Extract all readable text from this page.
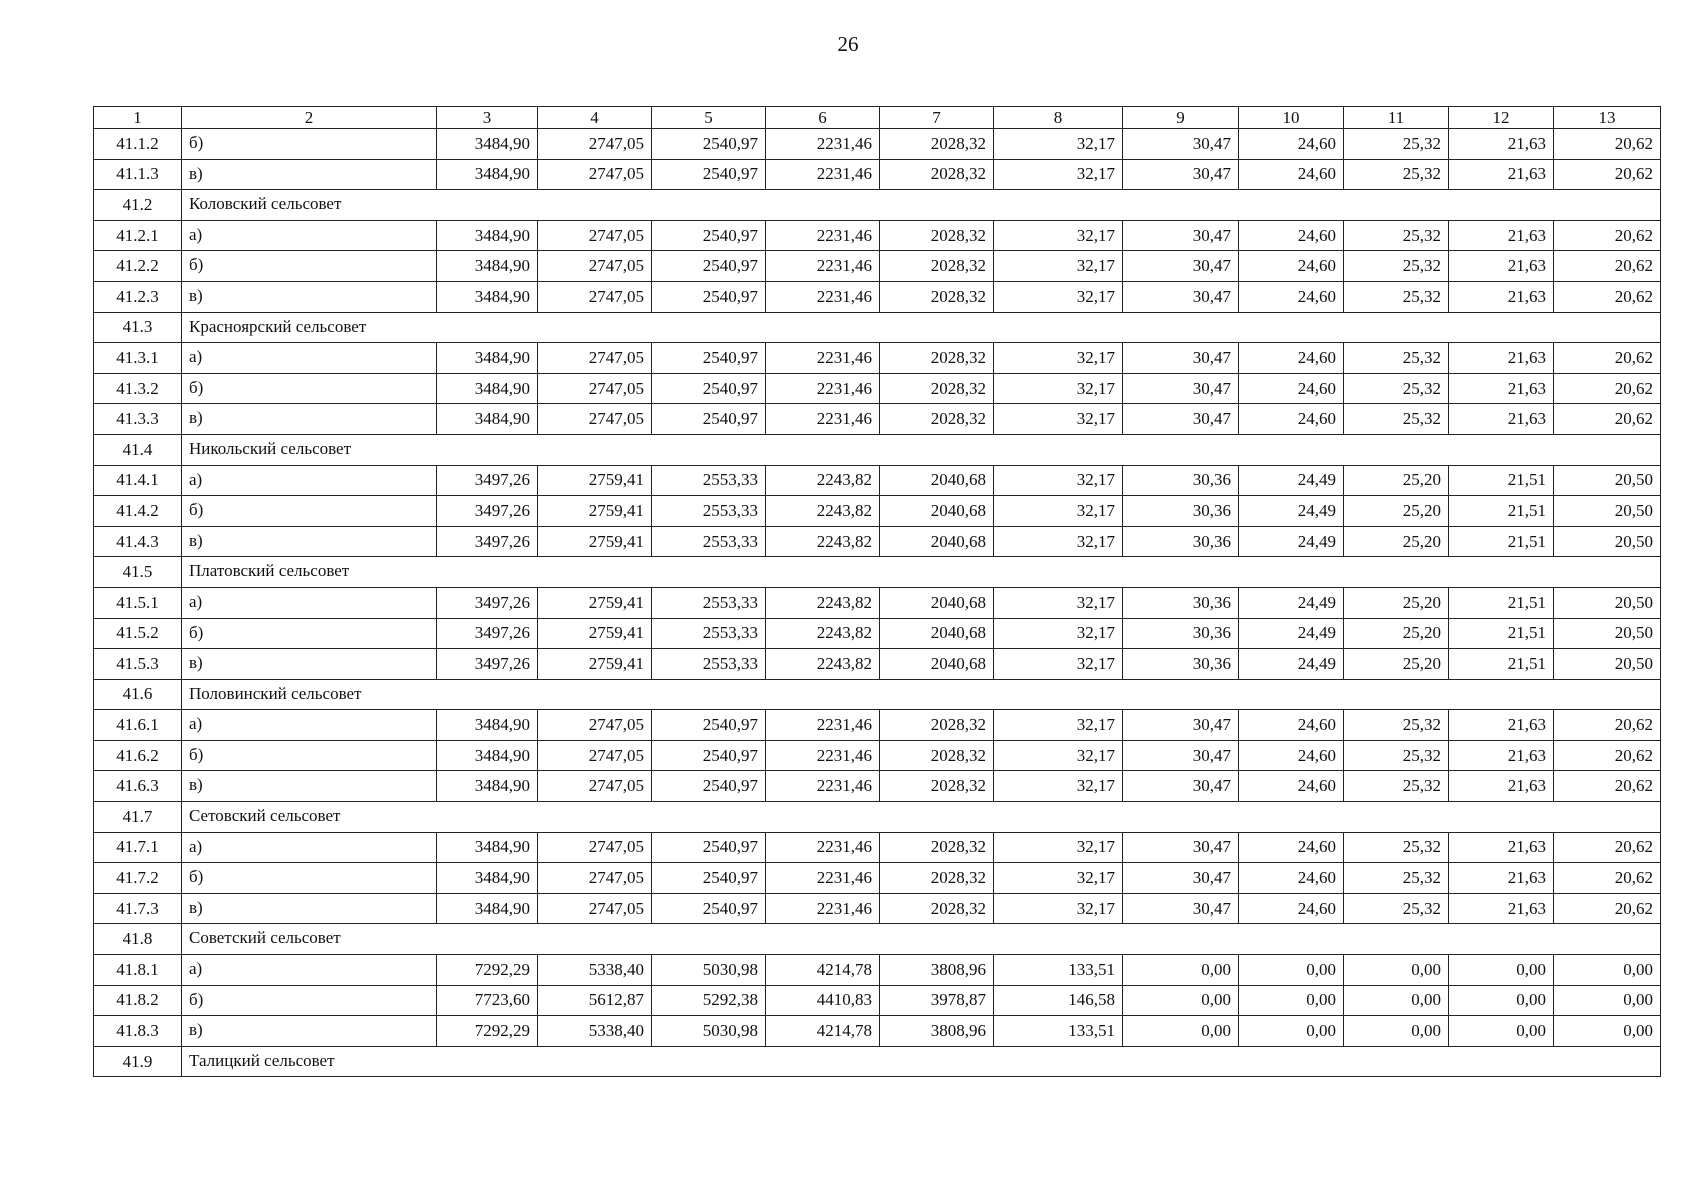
26
1	2	3	4	5	6	7	8	9	10	11	12	13
41.1.2	б)	3484,90	2747,05	2540,97	2231,46	2028,32	32,17	30,47	24,60	25,32	21,63	20,62
41.1.3	в)	3484,90	2747,05	2540,97	2231,46	2028,32	32,17	30,47	24,60	25,32	21,63	20,62
41.2	Коловский сельсовет											
41.2.1	а)	3484,90	2747,05	2540,97	2231,46	2028,32	32,17	30,47	24,60	25,32	21,63	20,62
41.2.2	б)	3484,90	2747,05	2540,97	2231,46	2028,32	32,17	30,47	24,60	25,32	21,63	20,62
41.2.3	в)	3484,90	2747,05	2540,97	2231,46	2028,32	32,17	30,47	24,60	25,32	21,63	20,62
41.3	Красноярский сельсовет											
41.3.1	а)	3484,90	2747,05	2540,97	2231,46	2028,32	32,17	30,47	24,60	25,32	21,63	20,62
41.3.2	б)	3484,90	2747,05	2540,97	2231,46	2028,32	32,17	30,47	24,60	25,32	21,63	20,62
41.3.3	в)	3484,90	2747,05	2540,97	2231,46	2028,32	32,17	30,47	24,60	25,32	21,63	20,62
41.4	Никольский сельсовет											
41.4.1	а)	3497,26	2759,41	2553,33	2243,82	2040,68	32,17	30,36	24,49	25,20	21,51	20,50
41.4.2	б)	3497,26	2759,41	2553,33	2243,82	2040,68	32,17	30,36	24,49	25,20	21,51	20,50
41.4.3	в)	3497,26	2759,41	2553,33	2243,82	2040,68	32,17	30,36	24,49	25,20	21,51	20,50
41.5	Платовский сельсовет											
41.5.1	а)	3497,26	2759,41	2553,33	2243,82	2040,68	32,17	30,36	24,49	25,20	21,51	20,50
41.5.2	б)	3497,26	2759,41	2553,33	2243,82	2040,68	32,17	30,36	24,49	25,20	21,51	20,50
41.5.3	в)	3497,26	2759,41	2553,33	2243,82	2040,68	32,17	30,36	24,49	25,20	21,51	20,50
41.6	Половинский сельсовет											
41.6.1	а)	3484,90	2747,05	2540,97	2231,46	2028,32	32,17	30,47	24,60	25,32	21,63	20,62
41.6.2	б)	3484,90	2747,05	2540,97	2231,46	2028,32	32,17	30,47	24,60	25,32	21,63	20,62
41.6.3	в)	3484,90	2747,05	2540,97	2231,46	2028,32	32,17	30,47	24,60	25,32	21,63	20,62
41.7	Сетовский сельсовет											
41.7.1	а)	3484,90	2747,05	2540,97	2231,46	2028,32	32,17	30,47	24,60	25,32	21,63	20,62
41.7.2	б)	3484,90	2747,05	2540,97	2231,46	2028,32	32,17	30,47	24,60	25,32	21,63	20,62
41.7.3	в)	3484,90	2747,05	2540,97	2231,46	2028,32	32,17	30,47	24,60	25,32	21,63	20,62
41.8	Советский сельсовет											
41.8.1	а)	7292,29	5338,40	5030,98	4214,78	3808,96	133,51	0,00	0,00	0,00	0,00	0,00
41.8.2	б)	7723,60	5612,87	5292,38	4410,83	3978,87	146,58	0,00	0,00	0,00	0,00	0,00
41.8.3	в)	7292,29	5338,40	5030,98	4214,78	3808,96	133,51	0,00	0,00	0,00	0,00	0,00
41.9	Талицкий сельсовет											
